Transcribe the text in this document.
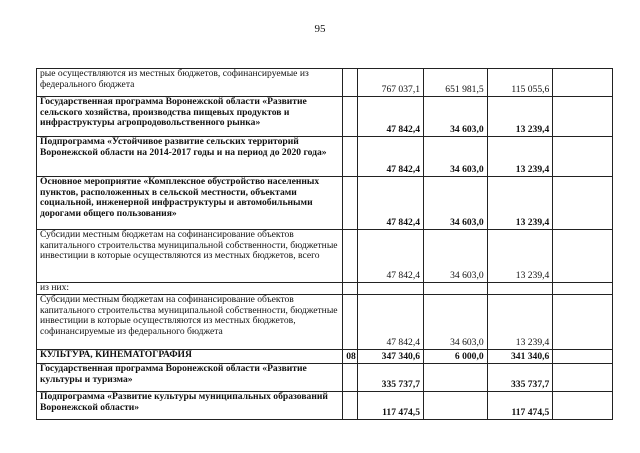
95
рые осуществляются из местных бюджетов, софинансируемые из федерального бюджета		767 037,1	651 981,5	115 055,6	
Государственная программа Воронежской области «Развитие сельского хозяйства, производства пищевых продуктов и инфраструктуры агропродовольственного рынка»		47 842,4	34 603,0	13 239,4	
Подпрограмма «Устойчивое развитие сельских территорий Воронежской области на 2014-2017 годы и на период до 2020 года»		47 842,4	34 603,0	13 239,4	
Основное мероприятие «Комплексное обустройство населенных пунктов, расположенных в сельской местности, объектами социальной, инженерной инфраструктуры и автомобильными дорогами общего пользования»		47 842,4	34 603,0	13 239,4	
Субсидии местным бюджетам на софинансирование объектов капитального строительства муниципальной собственности, бюджетные инвестиции в которые осуществляются из местных бюджетов, всего		47 842,4	34 603,0	13 239,4	
из них:					
Субсидии местным бюджетам на софинансирование объектов капитального строительства муниципальной собственности, бюджетные инвестиции в которые осуществляются из местных бюджетов, софинансируемые из федерального бюджета		47 842,4	34 603,0	13 239,4	
КУЛЬТУРА, КИНЕМАТОГРАФИЯ	08	347 340,6	6 000,0	341 340,6	
Государственная программа Воронежской области «Развитие культуры и туризма»		335 737,7		335 737,7	
Подпрограмма «Развитие культуры муниципальных образований Воронежской области»		117 474,5		117 474,5	
